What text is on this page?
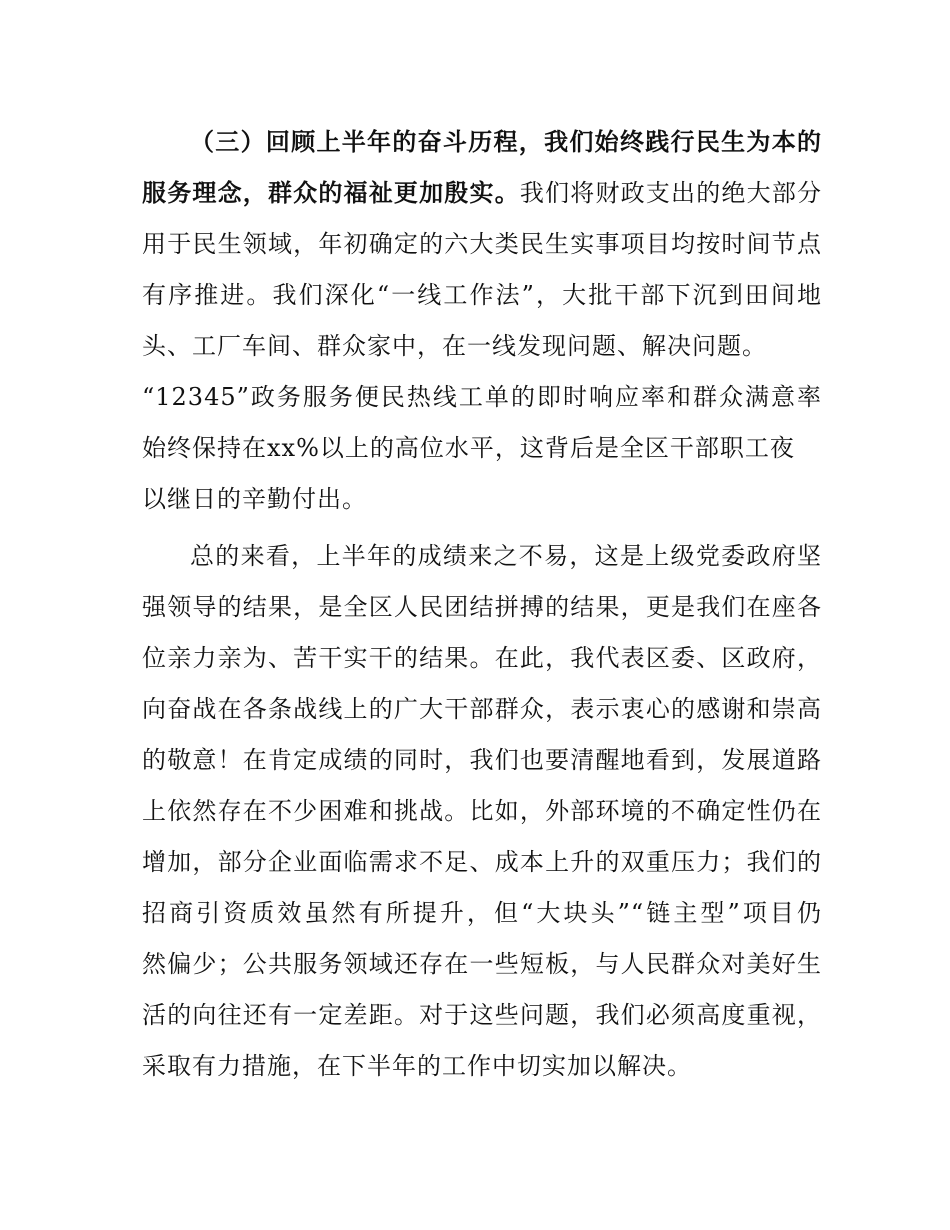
（三）回顾上半年的奋斗历程，我们始终践行民生为本的
服务理念，群众的福祉更加殷实。我们将财政支出的绝大部分
用于民生领域，年初确定的六大类民生实事项目均按时间节点
有序推进。我们深化“一线工作法”，大批干部下沉到田间地
头、工厂车间、群众家中，在一线发现问题、解决问题。
“12345”政务服务便民热线工单的即时响应率和群众满意率
始终保持在xx%以上的高位水平，这背后是全区干部职工夜
以继日的辛勤付出。
总的来看，上半年的成绩来之不易，这是上级党委政府坚
强领导的结果，是全区人民团结拼搏的结果，更是我们在座各
位亲力亲为、苦干实干的结果。在此，我代表区委、区政府，
向奋战在各条战线上的广大干部群众，表示衷心的感谢和崇高
的敬意！在肯定成绩的同时，我们也要清醒地看到，发展道路
上依然存在不少困难和挑战。比如，外部环境的不确定性仍在
增加，部分企业面临需求不足、成本上升的双重压力；我们的
招商引资质效虽然有所提升，但“大块头”“链主型”项目仍
然偏少；公共服务领域还存在一些短板，与人民群众对美好生
活的向往还有一定差距。对于这些问题，我们必须高度重视，
采取有力措施，在下半年的工作中切实加以解决。
